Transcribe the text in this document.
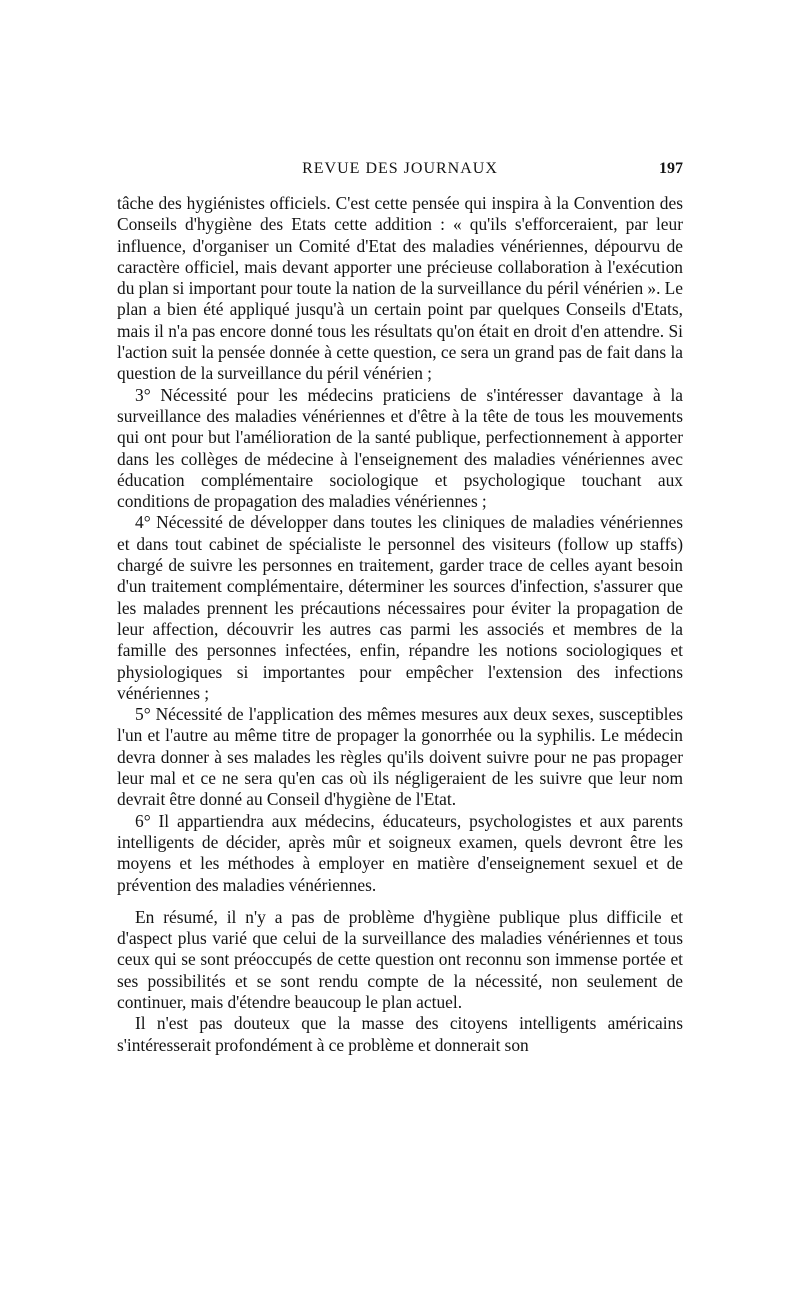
REVUE DES JOURNAUX	197

tâche des hygiénistes officiels. C'est cette pensée qui inspira à la Convention des Conseils d'hygiène des Etats cette addition : « qu'ils s'efforceraient, par leur influence, d'organiser un Comité d'Etat des maladies vénériennes, dépourvu de caractère officiel, mais devant apporter une précieuse collaboration à l'exécution du plan si important pour toute la nation de la surveillance du péril vénérien ». Le plan a bien été appliqué jusqu'à un certain point par quelques Conseils d'Etats, mais il n'a pas encore donné tous les résultats qu'on était en droit d'en attendre. Si l'action suit la pensée donnée à cette question, ce sera un grand pas de fait dans la question de la surveillance du péril vénérien ;

3° Nécessité pour les médecins praticiens de s'intéresser davantage à la surveillance des maladies vénériennes et d'être à la tête de tous les mouvements qui ont pour but l'amélioration de la santé publique, perfectionnement à apporter dans les collèges de médecine à l'enseignement des maladies vénériennes avec éducation complémentaire sociologique et psychologique touchant aux conditions de propagation des maladies vénériennes ;

4° Nécessité de développer dans toutes les cliniques de maladies vénériennes et dans tout cabinet de spécialiste le personnel des visiteurs (follow up staffs) chargé de suivre les personnes en traitement, garder trace de celles ayant besoin d'un traitement complémentaire, déterminer les sources d'infection, s'assurer que les malades prennent les précautions nécessaires pour éviter la propagation de leur affection, découvrir les autres cas parmi les associés et membres de la famille des personnes infectées, enfin, répandre les notions sociologiques et physiologiques si importantes pour empêcher l'extension des infections vénériennes ;

5° Nécessité de l'application des mêmes mesures aux deux sexes, susceptibles l'un et l'autre au même titre de propager la gonorrhée ou la syphilis. Le médecin devra donner à ses malades les règles qu'ils doivent suivre pour ne pas propager leur mal et ce ne sera qu'en cas où ils négligeraient de les suivre que leur nom devrait être donné au Conseil d'hygiène de l'Etat.

6° Il appartiendra aux médecins, éducateurs, psychologistes et aux parents intelligents de décider, après mûr et soigneux examen, quels devront être les moyens et les méthodes à employer en matière d'enseignement sexuel et de prévention des maladies vénériennes.

En résumé, il n'y a pas de problème d'hygiène publique plus difficile et d'aspect plus varié que celui de la surveillance des maladies vénériennes et tous ceux qui se sont préoccupés de cette question ont reconnu son immense portée et ses possibilités et se sont rendu compte de la nécessité, non seulement de continuer, mais d'étendre beaucoup le plan actuel.

Il n'est pas douteux que la masse des citoyens intelligents américains s'intéresserait profondément à ce problème et donnerait son
